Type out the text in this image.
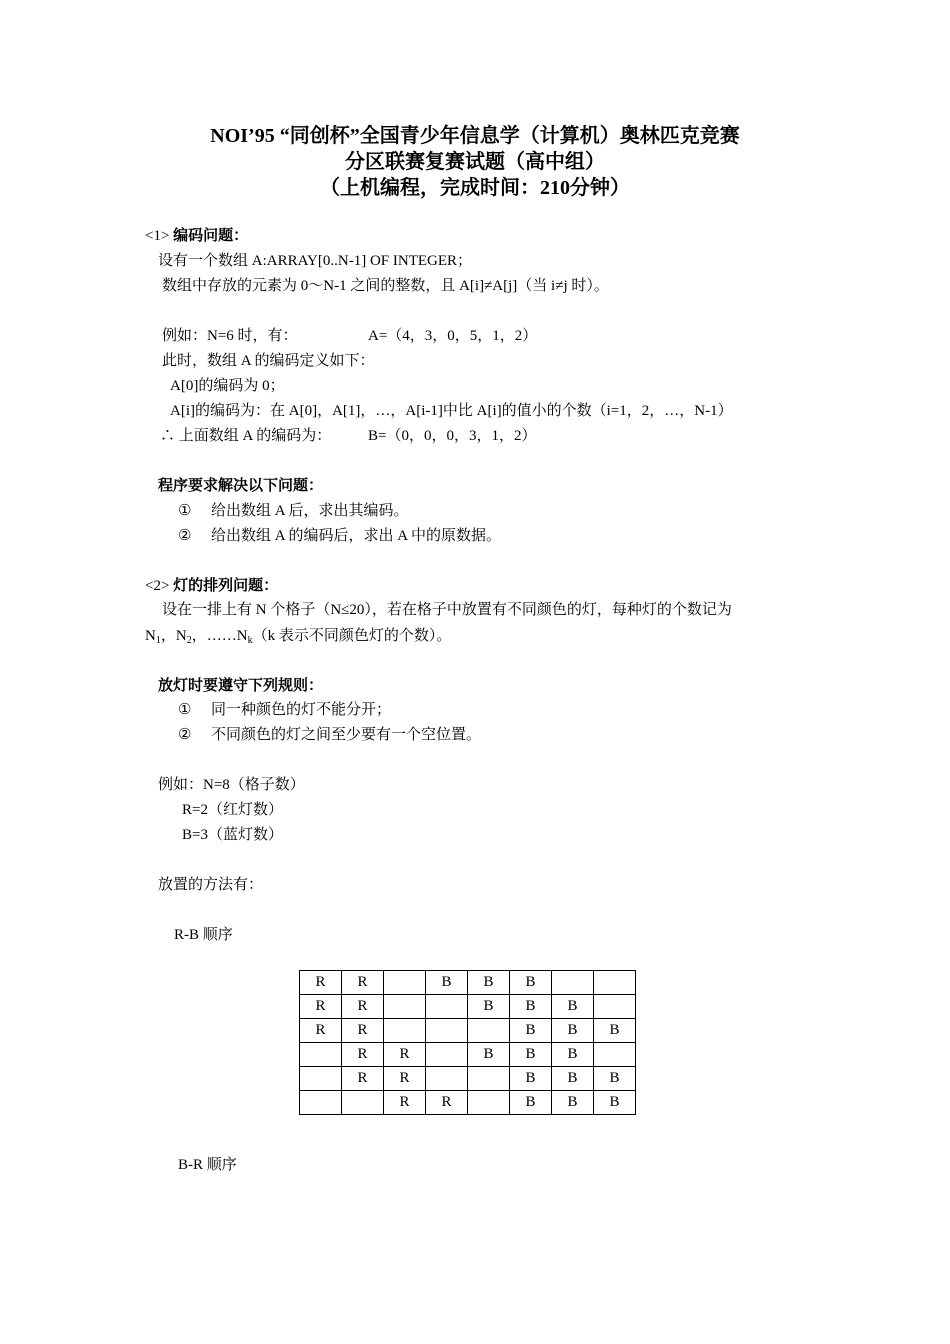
NOI’95 “同创杯”全国青少年信息学（计算机）奥林匹克竞赛
分区联赛复赛试题（高中组）
（上机编程，完成时间：210分钟）
<1> 编码问题：
设有一个数组 A:ARRAY[0..N-1] OF INTEGER；
数组中存放的元素为 0～N-1 之间的整数，且 A[i]≠A[j]（当 i≠j 时）。
例如：N=6 时，有：	A=（4，3，0，5，1，2）
此时，数组 A 的编码定义如下：
A[0]的编码为 0；
A[i]的编码为：在 A[0]，A[1]，…，A[i-1]中比 A[i]的值小的个数（i=1，2，…，N-1）
∴ 上面数组 A 的编码为： B=（0，0，0，3，1，2）
程序要求解决以下问题：
① 给出数组 A 后，求出其编码。
② 给出数组 A 的编码后，求出 A 中的原数据。
<2> 灯的排列问题：
设在一排上有 N 个格子（N≤20），若在格子中放置有不同颜色的灯，每种灯的个数记为
$N_1$，$N_2$，$\dots\dots N_k(k$ 表示不同颜色灯的个数）。
放灯时要遵守下列规则：
① 同一种颜色的灯不能分开；
② 不同颜色的灯之间至少要有一个空位置。
例如：N=8（格子数）
R=2（红灯数）
B=3（蓝灯数）
放置的方法有：
R-B 顺序
R	R		B	B	B		
R	R			B	B	B	
R	R				B	B	B
	R	R		B	B	B	
	R	R			B	B	B
		R	R		B	B	B
B-R 顺序
